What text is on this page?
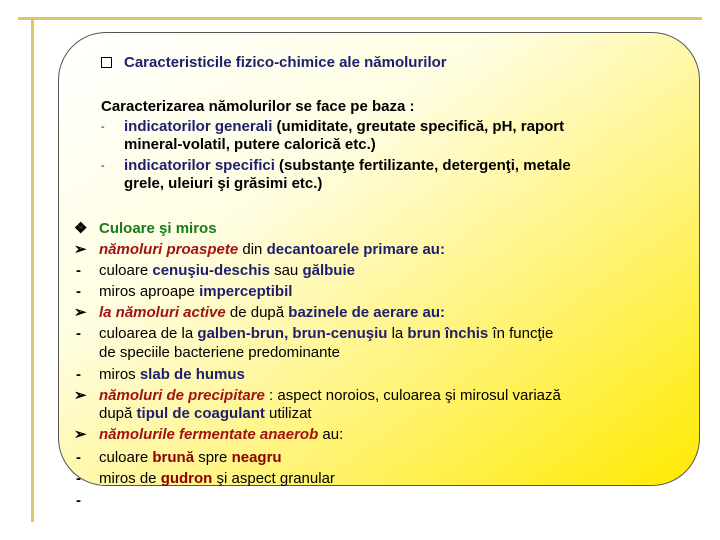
Caracteristicile fizico-chimice ale nămolurilor
Caracterizarea nămolurilor se face pe baza :
- indicatorilor generali (umiditate, greutate specifică, pH, raport
mineral-volatil, putere calorică etc.)
- indicatorilor specifici (substanţe fertilizante, detergenţi, metale
grele, uleiuri şi grăsimi etc.)
❖
➢
-
-
➢
-
-
➢
➢
-
-
-
Culoare şi miros
nămoluri proaspete din decantoarele primare au:
culoare cenuşiu-deschis sau gălbuie
miros aproape imperceptibil
la nămoluri active de după bazinele de aerare au:
culoarea de la galben-brun, brun-cenuşiu la brun închis în funcţie
de speciile bacteriene predominante
miros slab de humus
nămoluri de precipitare : aspect noroios, culoarea şi mirosul variază
după tipul de coagulant utilizat
nămolurile fermentate anaerob au:
culoare brună spre neagru
miros de gudron şi aspect granular
